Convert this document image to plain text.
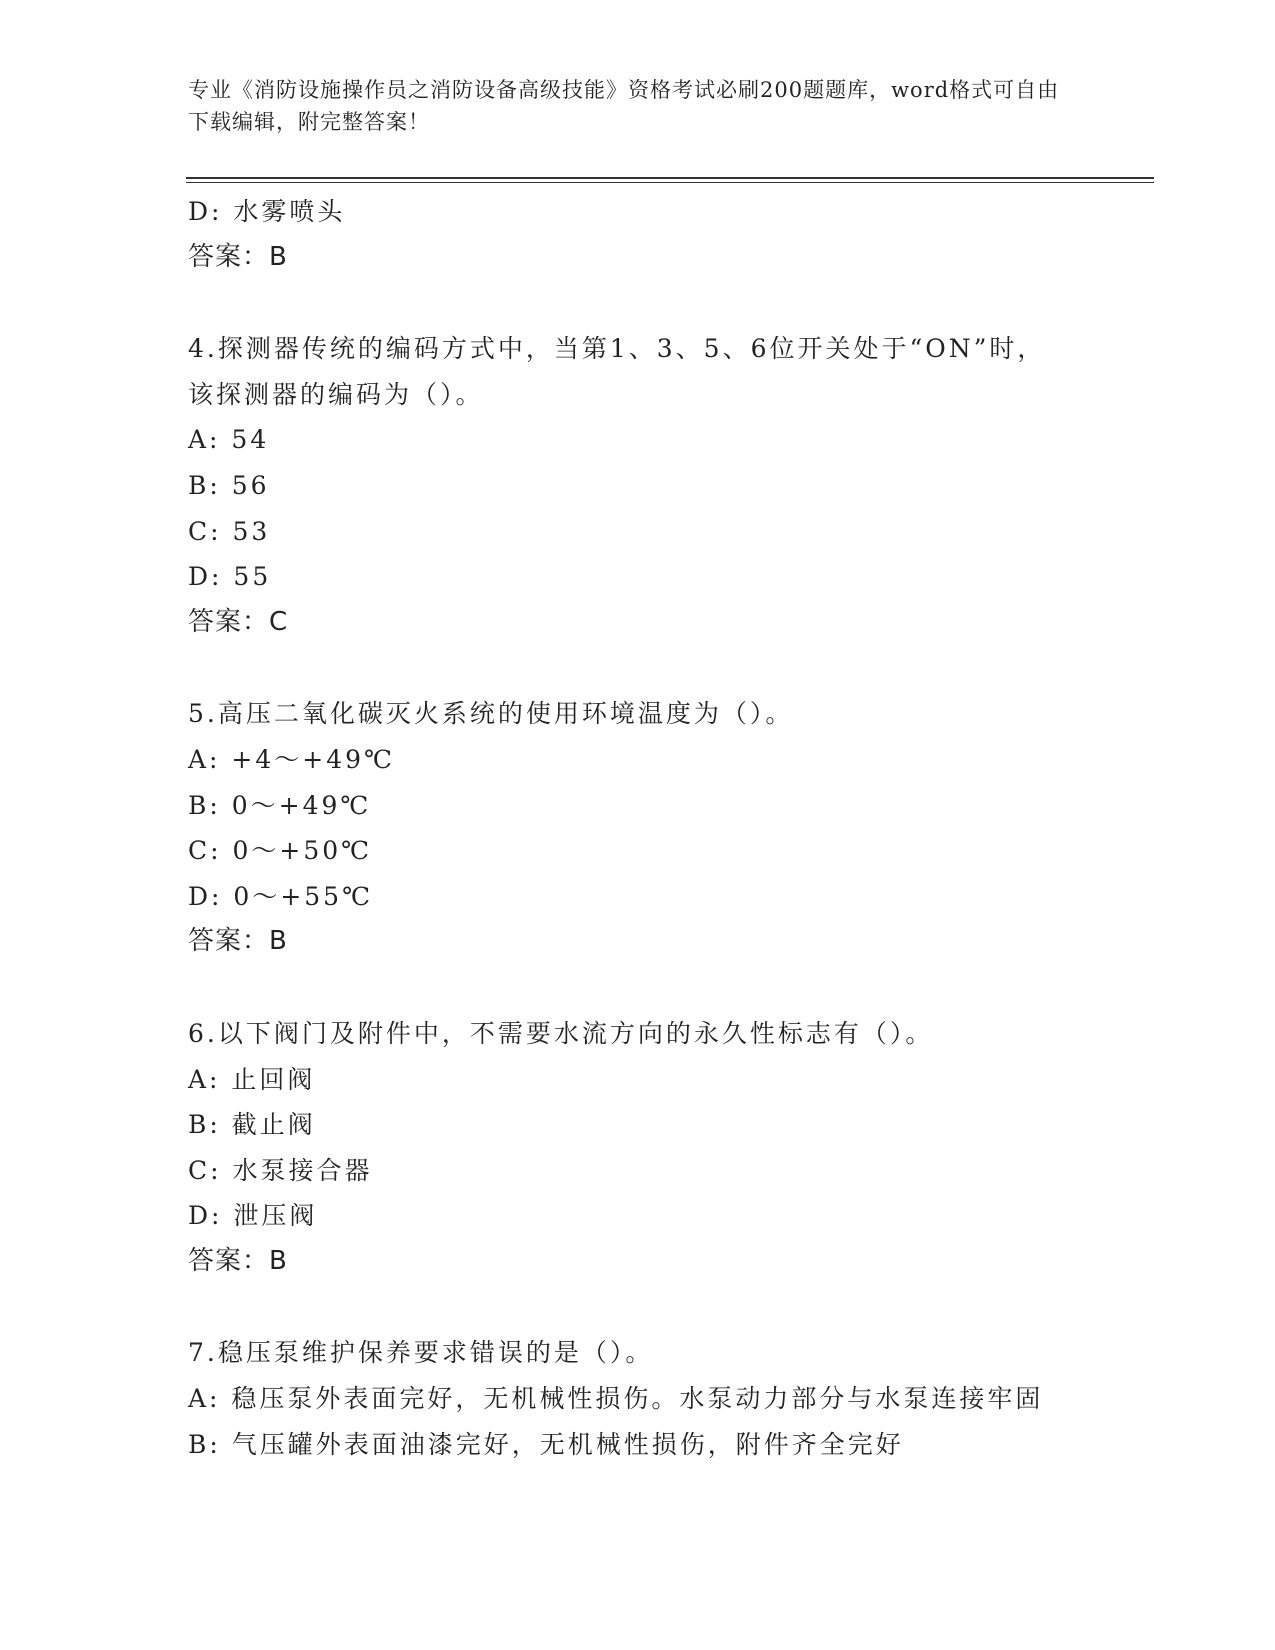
专业《消防设施操作员之消防设备高级技能》资格考试必刷200题题库，word格式可自由下载编辑，附完整答案！
D: 水雾喷头
答案：B
4.探测器传统的编码方式中，当第1、3、5、6位开关处于“ON”时，
该探测器的编码为（）。
A: 54
B: 56
C: 53
D: 55
答案：C
5.高压二氧化碳灭火系统的使用环境温度为（）。
A: +4～+49℃
B: 0～+49℃
C: 0～+50℃
D: 0～+55℃
答案：B
6.以下阀门及附件中，不需要水流方向的永久性标志有（）。
A: 止回阀
B: 截止阀
C: 水泵接合器
D: 泄压阀
答案：B
7.稳压泵维护保养要求错误的是（）。
A: 稳压泵外表面完好，无机械性损伤。水泵动力部分与水泵连接牢固
B: 气压罐外表面油漆完好，无机械性损伤，附件齐全完好
